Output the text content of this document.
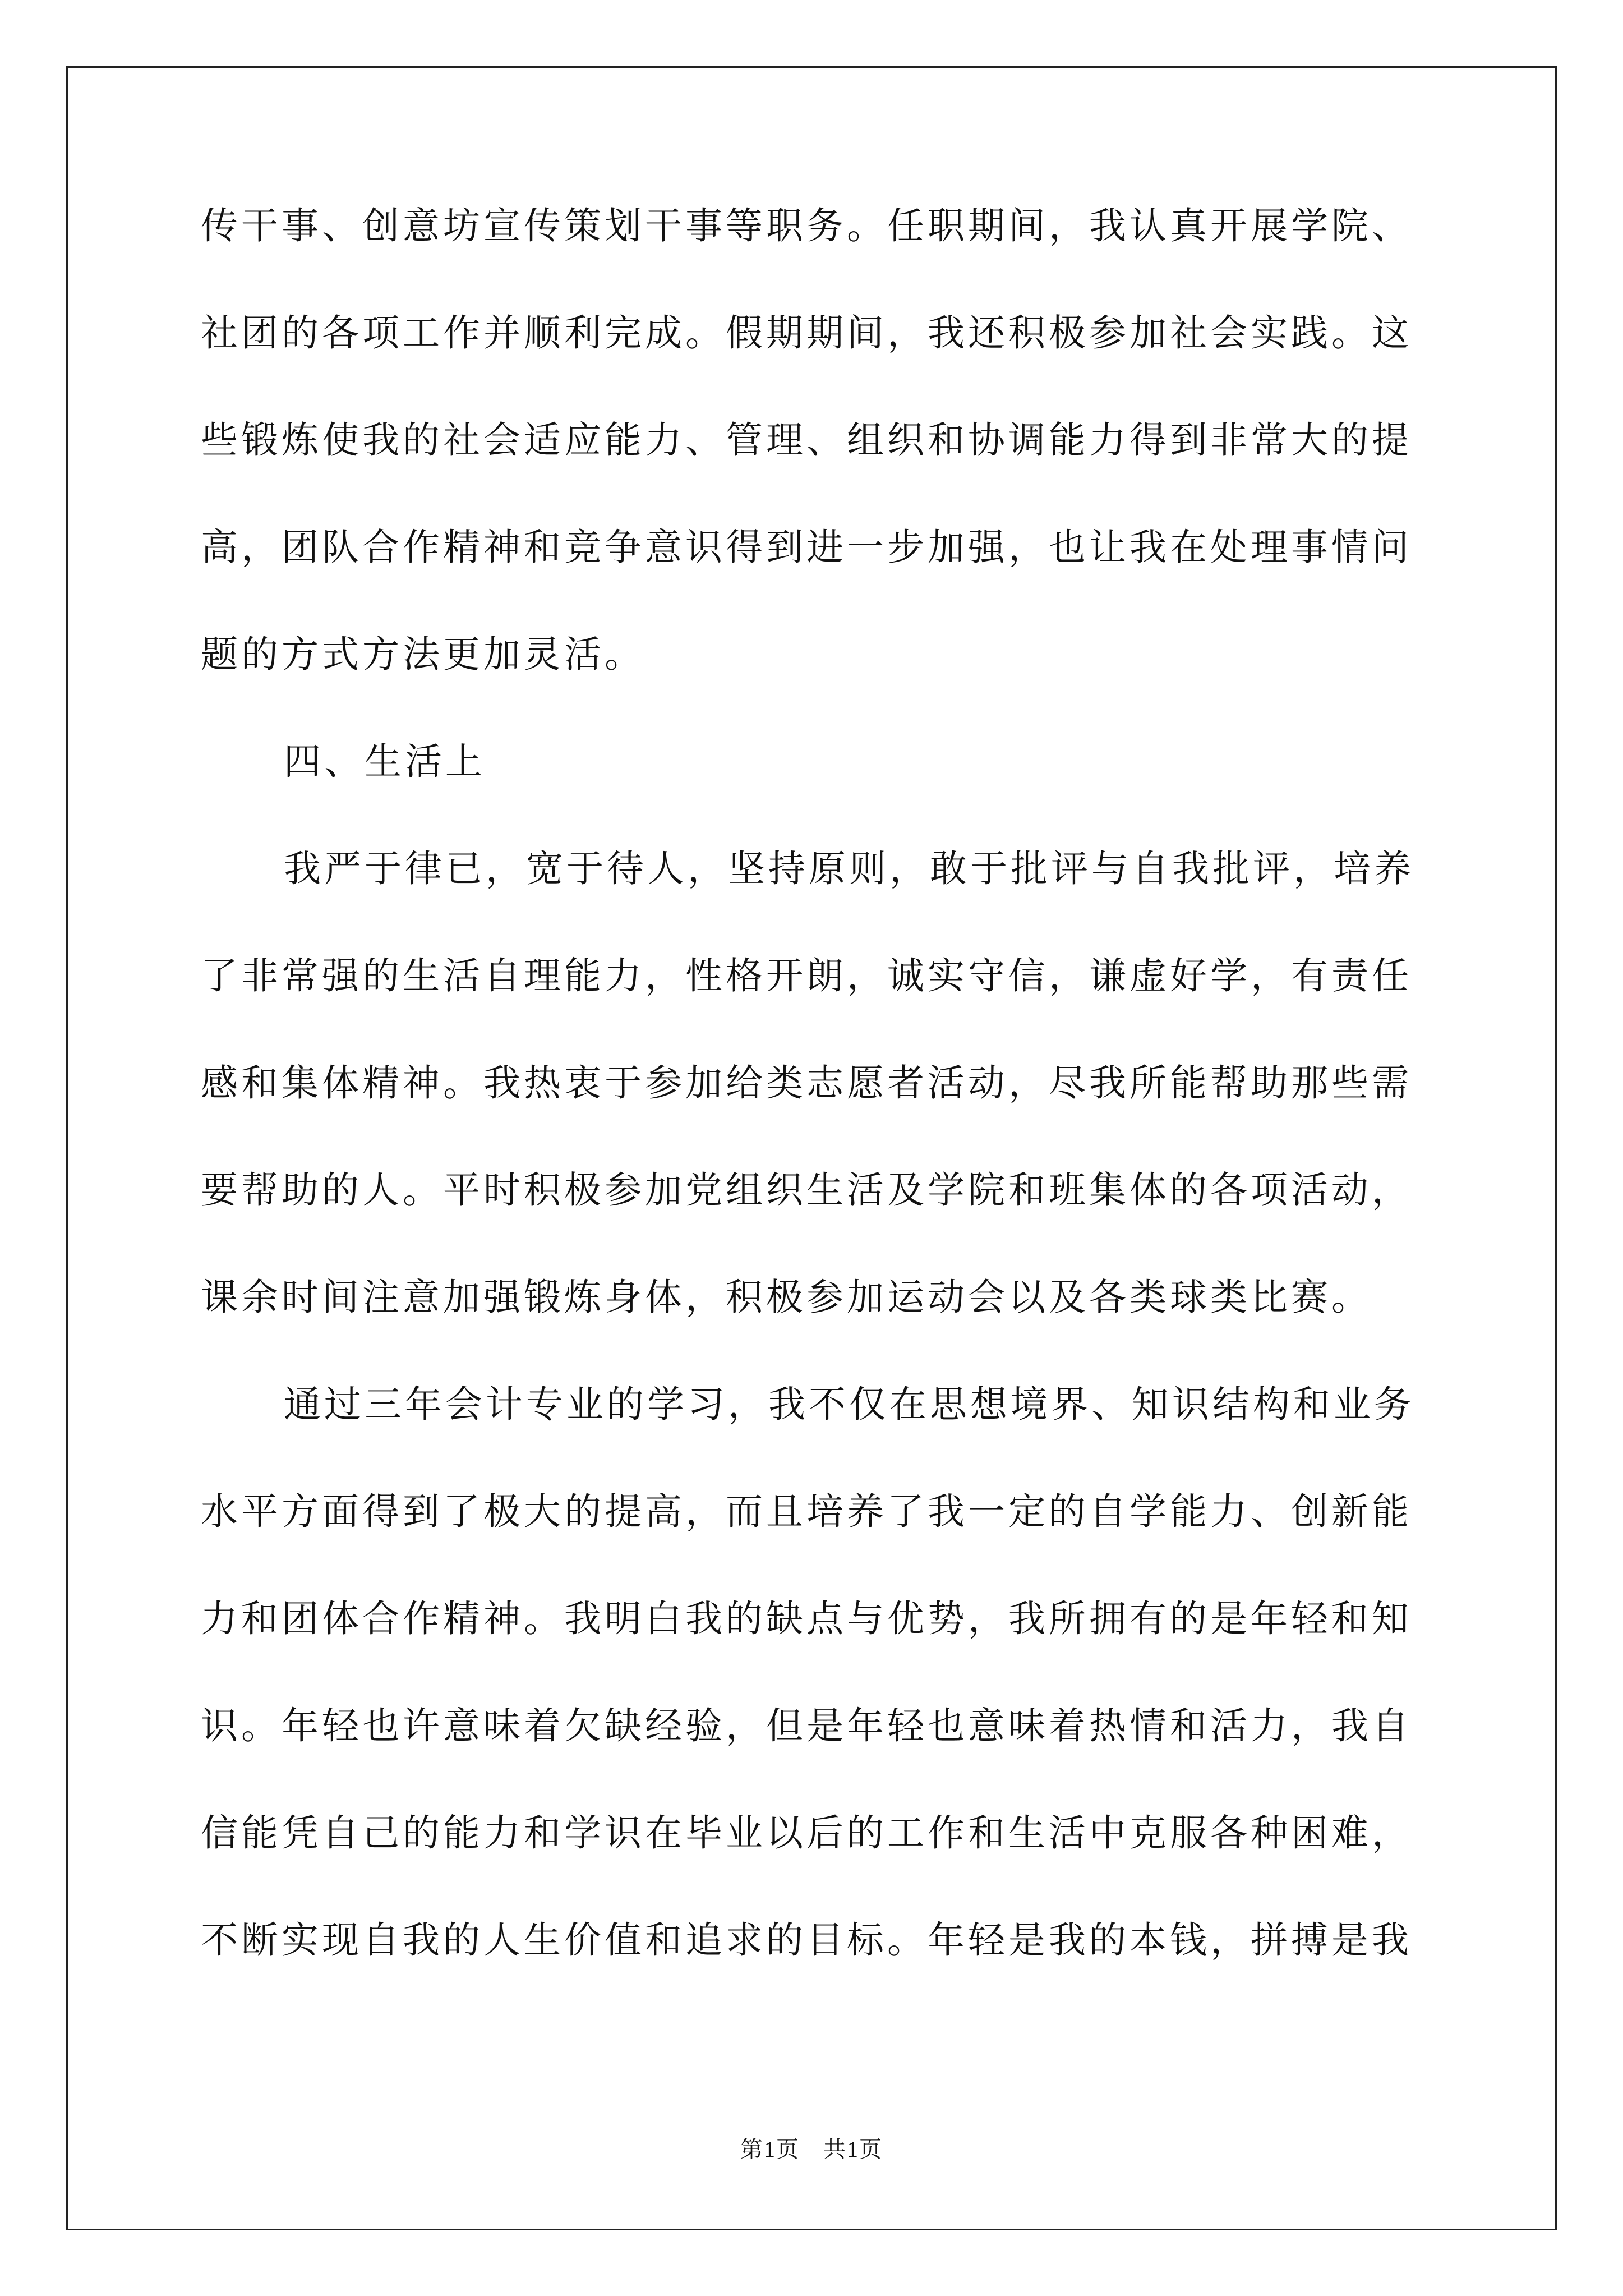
传干事、创意坊宣传策划干事等职务。任职期间，我认真开展学院、
社团的各项工作并顺利完成。假期期间，我还积极参加社会实践。这
些锻炼使我的社会适应能力、管理、组织和协调能力得到非常大的提
高，团队合作精神和竞争意识得到进一步加强，也让我在处理事情问
题的方式方法更加灵活。
四、生活上
我严于律已，宽于待人，坚持原则，敢于批评与自我批评，培养
了非常强的生活自理能力，性格开朗，诚实守信，谦虚好学，有责任
感和集体精神。我热衷于参加给类志愿者活动，尽我所能帮助那些需
要帮助的人。平时积极参加党组织生活及学院和班集体的各项活动，
课余时间注意加强锻炼身体，积极参加运动会以及各类球类比赛。
通过三年会计专业的学习，我不仅在思想境界、知识结构和业务
水平方面得到了极大的提高，而且培养了我一定的自学能力、创新能
力和团体合作精神。我明白我的缺点与优势，我所拥有的是年轻和知
识。年轻也许意味着欠缺经验，但是年轻也意味着热情和活力，我自
信能凭自己的能力和学识在毕业以后的工作和生活中克服各种困难，
不断实现自我的人生价值和追求的目标。年轻是我的本钱，拼搏是我
第1页　共1页
